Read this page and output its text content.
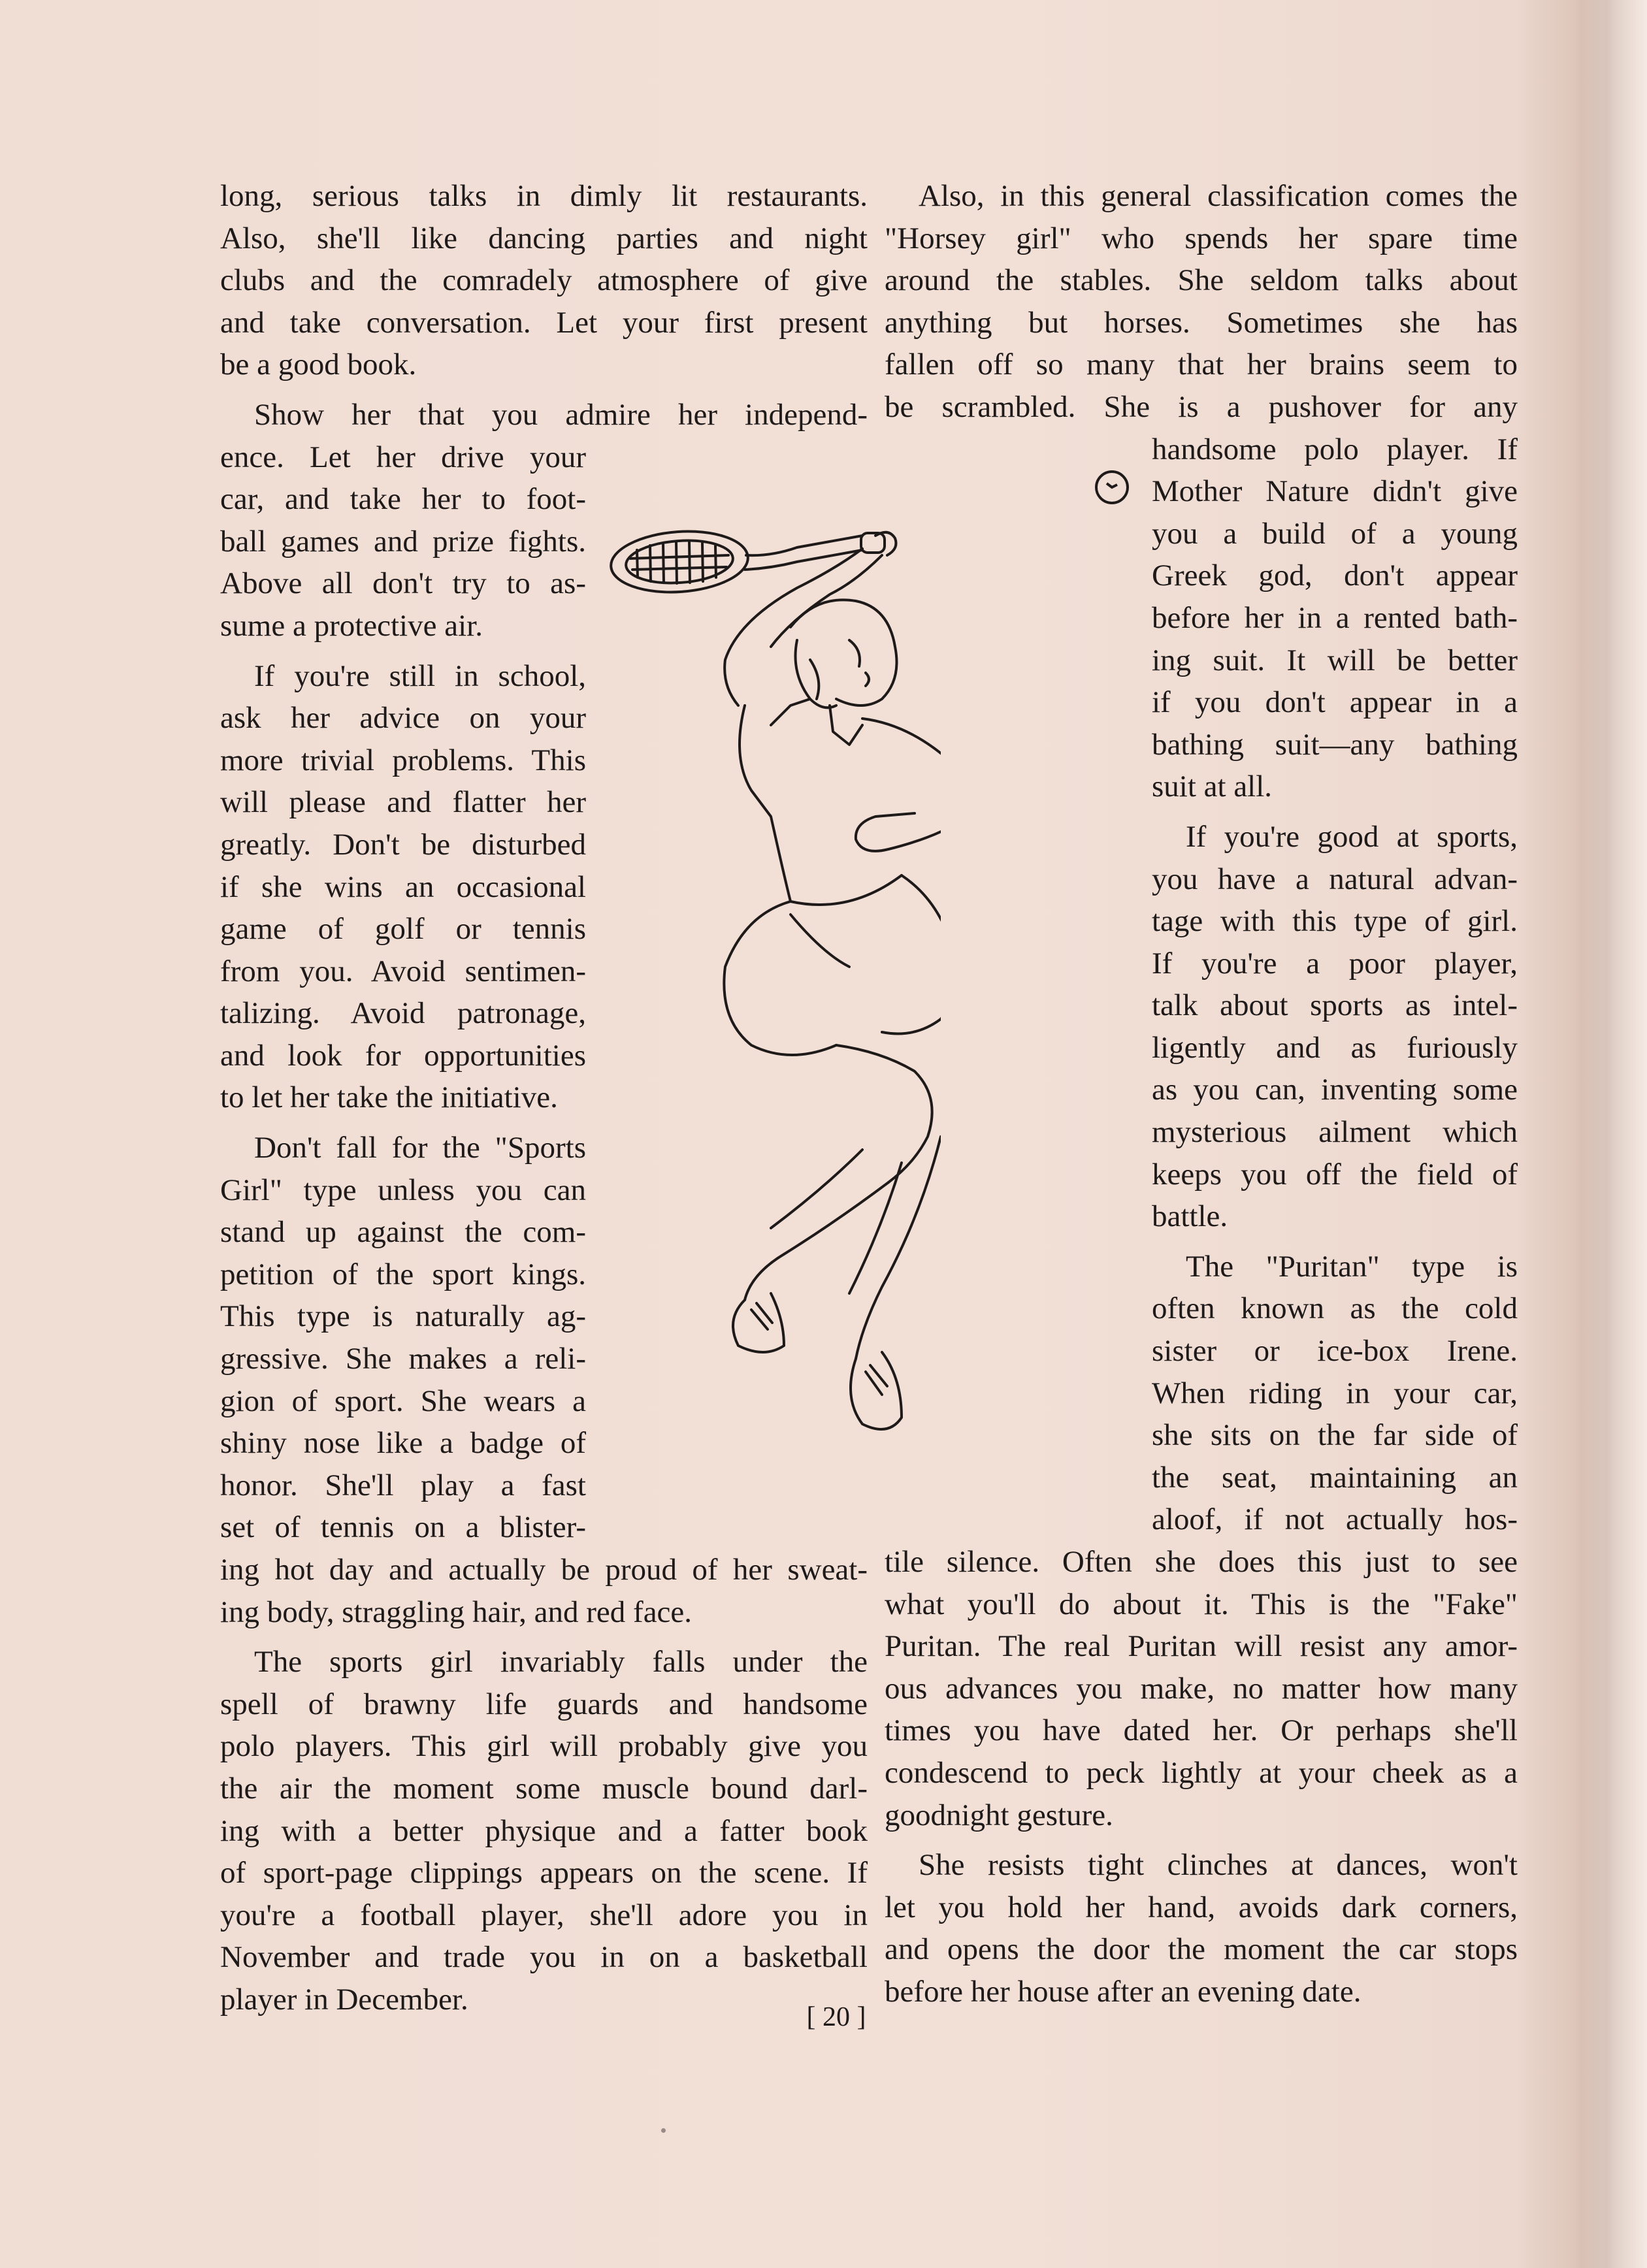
long, serious talks in dimly lit restaurants.
Also, she'll like dancing parties and night
clubs and the comradely atmosphere of give
and take conversation. Let your first present
be a good book.
Show her that you admire her independ-
ence. Let her drive your
car, and take her to foot-
ball games and prize fights.
Above all don't try to as-
sume a protective air.
If you're still in school,
ask her advice on your
more trivial problems. This
will please and flatter her
greatly. Don't be disturbed
if she wins an occasional
game of golf or tennis
from you. Avoid sentimen-
talizing. Avoid patronage,
and look for opportunities
to let her take the initiative.
Don't fall for the "Sports
Girl" type unless you can
stand up against the com-
petition of the sport kings.
This type is naturally ag-
gressive. She makes a reli-
gion of sport. She wears a
shiny nose like a badge of
honor. She'll play a fast
set of tennis on a blister-
ing hot day and actually be proud of her sweat-
ing body, straggling hair, and red face.
The sports girl invariably falls under the
spell of brawny life guards and handsome
polo players. This girl will probably give you
the air the moment some muscle bound darl-
ing with a better physique and a fatter book
of sport-page clippings appears on the scene. If
you're a football player, she'll adore you in
November and trade you in on a basketball
player in December.
Also, in this general classification comes the
"Horsey girl" who spends her spare time
around the stables. She seldom talks about
anything but horses. Sometimes she has
fallen off so many that her brains seem to
be scrambled. She is a pushover for any
handsome polo player. If
Mother Nature didn't give
you a build of a young
Greek god, don't appear
before her in a rented bath-
ing suit. It will be better
if you don't appear in a
bathing suit—any bathing
suit at all.
If you're good at sports,
you have a natural advan-
tage with this type of girl.
If you're a poor player,
talk about sports as intel-
ligently and as furiously
as you can, inventing some
mysterious ailment which
keeps you off the field of
battle.
The "Puritan" type is
often known as the cold
sister or ice-box Irene.
When riding in your car,
she sits on the far side of
the seat, maintaining an
aloof, if not actually hos-
tile silence. Often she does this just to see
what you'll do about it. This is the "Fake"
Puritan. The real Puritan will resist any amor-
ous advances you make, no matter how many
times you have dated her. Or perhaps she'll
condescend to peck lightly at your cheek as a
goodnight gesture.
She resists tight clinches at dances, won't
let you hold her hand, avoids dark corners,
and opens the door the moment the car stops
before her house after an evening date.
[ 20 ]
